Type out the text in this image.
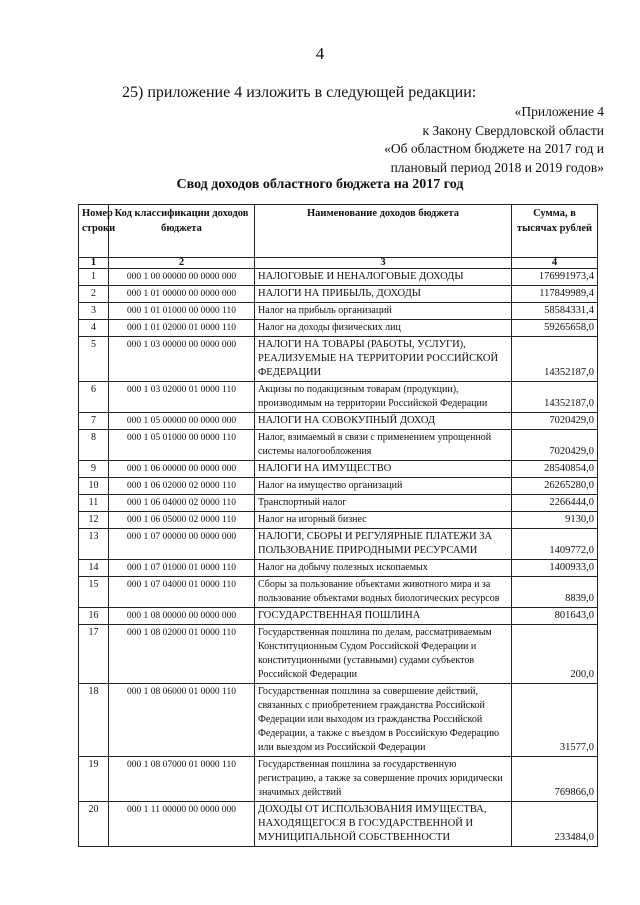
4
25) приложение 4 изложить в следующей редакции:
«Приложение 4
к Закону Свердловской области
«Об областном бюджете на 2017 год и
плановый период 2018 и 2019 годов»
Свод доходов областного бюджета на 2017 год
Номер строки	Код классификации доходов бюджета	Наименование доходов бюджета	Сумма, в тысячах рублей
1	2	3	4
1	000 1 00 00000 00 0000 000	НАЛОГОВЫЕ И НЕНАЛОГОВЫЕ ДОХОДЫ	176991973,4
2	000 1 01 00000 00 0000 000	НАЛОГИ НА ПРИБЫЛЬ, ДОХОДЫ	117849989,4
3	000 1 01 01000 00 0000 110	Налог на прибыль организаций	58584331,4
4	000 1 01 02000 01 0000 110	Налог на доходы физических лиц	59265658,0
5	000 1 03 00000 00 0000 000	НАЛОГИ НА ТОВАРЫ (РАБОТЫ, УСЛУГИ), РЕАЛИЗУЕМЫЕ НА ТЕРРИТОРИИ РОССИЙСКОЙ ФЕДЕРАЦИИ	14352187,0
6	000 1 03 02000 01 0000 110	Акцизы по подакцизным товарам (продукции), производимым на территории Российской Федерации	14352187,0
7	000 1 05 00000 00 0000 000	НАЛОГИ НА СОВОКУПНЫЙ ДОХОД	7020429,0
8	000 1 05 01000 00 0000 110	Налог, взимаемый в связи с применением упрощенной системы налогообложения	7020429,0
9	000 1 06 00000 00 0000 000	НАЛОГИ НА ИМУЩЕСТВО	28540854,0
10	000 1 06 02000 02 0000 110	Налог на имущество организаций	26265280,0
11	000 1 06 04000 02 0000 110	Транспортный налог	2266444,0
12	000 1 06 05000 02 0000 110	Налог на игорный бизнес	9130,0
13	000 1 07 00000 00 0000 000	НАЛОГИ, СБОРЫ И РЕГУЛЯРНЫЕ ПЛАТЕЖИ ЗА ПОЛЬЗОВАНИЕ ПРИРОДНЫМИ РЕСУРСАМИ	1409772,0
14	000 1 07 01000 01 0000 110	Налог на добычу полезных ископаемых	1400933,0
15	000 1 07 04000 01 0000 110	Сборы за пользование объектами животного мира и за пользование объектами водных биологических ресурсов	8839,0
16	000 1 08 00000 00 0000 000	ГОСУДАРСТВЕННАЯ ПОШЛИНА	801643,0
17	000 1 08 02000 01 0000 110	Государственная пошлина по делам, рассматриваемым Конституционным Судом Российской Федерации и конституционными (уставными) судами субъектов Российской Федерации	200,0
18	000 1 08 06000 01 0000 110	Государственная пошлина за совершение действий, связанных с приобретением гражданства Российской Федерации или выходом из гражданства Российской Федерации, а также с въездом в Российскую Федерацию или выездом из Российской Федерации	31577,0
19	000 1 08 07000 01 0000 110	Государственная пошлина за государственную регистрацию, а также за совершение прочих юридически значимых действий	769866,0
20	000 1 11 00000 00 0000 000	ДОХОДЫ ОТ ИСПОЛЬЗОВАНИЯ ИМУЩЕСТВА, НАХОДЯЩЕГОСЯ В ГОСУДАРСТВЕННОЙ И МУНИЦИПАЛЬНОЙ СОБСТВЕННОСТИ	233484,0
